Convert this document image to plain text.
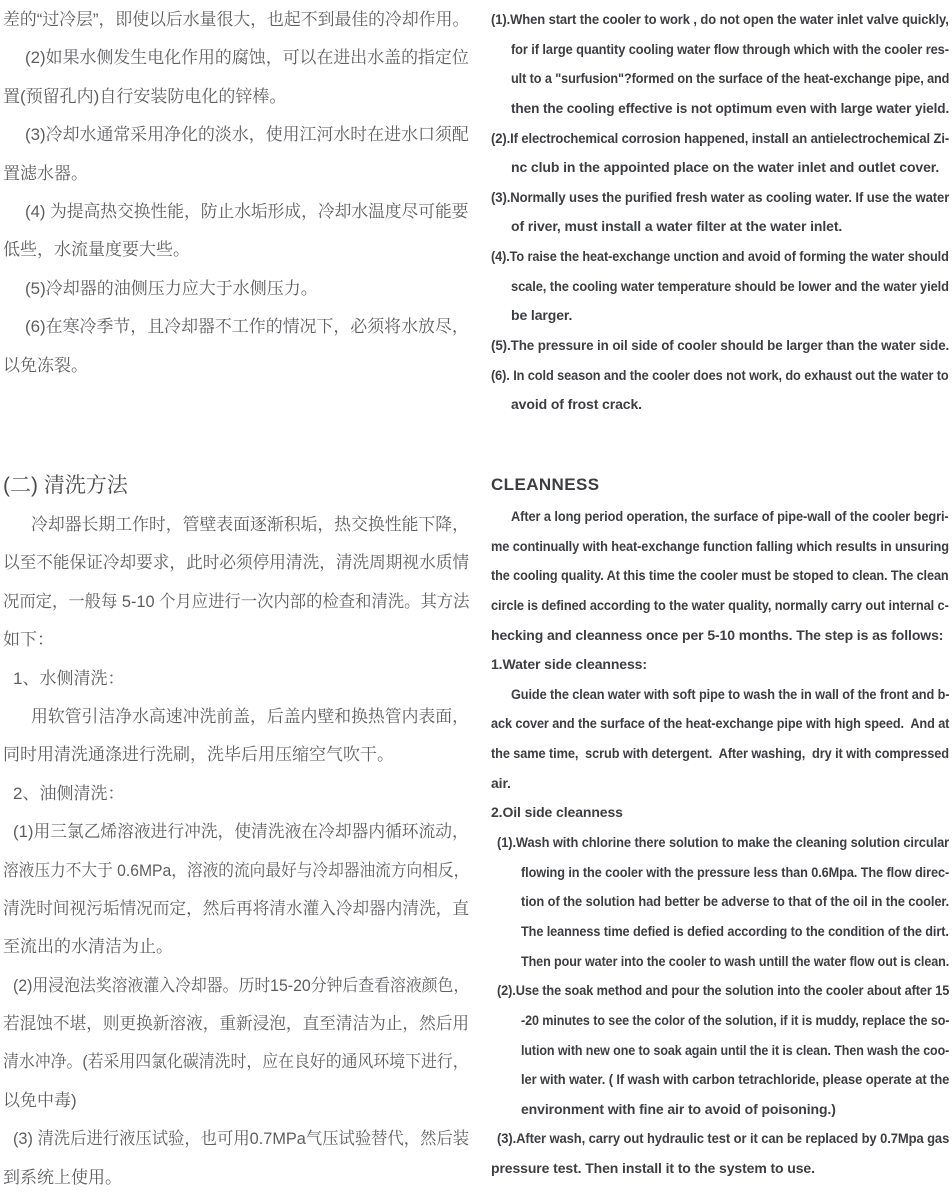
差的“过冷层”，即使以后水量很大，也起不到最佳的冷却作用。
(2)如果水侧发生电化作用的腐蚀，可以在进出水盖的指定位
置(预留孔内)自行安装防电化的锌棒。
(3)冷却水通常采用净化的淡水，使用江河水时在进水口须配
置滤水器。
(4) 为提高热交换性能，防止水垢形成，冷却水温度尽可能要
低些，水流量度要大些。
(5)冷却器的油侧压力应大于水侧压力。
(6)在寒冷季节，且冷却器不工作的情况下，必须将水放尽，
以免冻裂。
(二) 清洗方法
冷却器长期工作时，管壁表面逐渐积垢，热交换性能下降，
以至不能保证冷却要求，此时必须停用清洗，清洗周期视水质情
况而定，一般每 5-10 个月应进行一次内部的检查和清洗。其方法
如下：
1、水侧清洗：
用软管引洁净水高速冲洗前盖，后盖内壁和换热管内表面，
同时用清洗通涤进行洗刷，洗毕后用压缩空气吹干。
2、油侧清洗：
(1)用三氯乙烯溶液进行冲洗，使清洗液在冷却器内循环流动，
溶液压力不大于 0.6MPa，溶液的流向最好与冷却器油流方向相反，
清洗时间视污垢情况而定，然后再将清水灌入冷却器内清洗，直
至流出的水清洁为止。
(2)用浸泡法奖溶液灌入冷却器。历时15-20分钟后查看溶液颜色，
若混蚀不堪，则更换新溶液，重新浸泡，直至清洁为止，然后用
清水冲净。(若采用四氯化碳清洗时，应在良好的通风环境下进行，
以免中毒)
(3) 清洗后进行液压试验，也可用0.7MPa气压试验替代，然后装
到系统上使用。
(1).When start the cooler to work , do not open the water inlet valve quickly,
for if large quantity cooling water flow through which with the cooler res-
ult to a "surfusion"?formed on the surface of the heat-exchange pipe, and
then the cooling effective is not optimum even with large water yield.
(2).If electrochemical corrosion happened, install an antielectrochemical Zi-
nc club in the appointed place on the water inlet and outlet cover.
(3).Normally uses the purified fresh water as cooling water. If use the water
of river, must install a water filter at the water inlet.
(4).To raise the heat-exchange unction and avoid of forming the water should
scale, the cooling water temperature should be lower and the water yield
be larger.
(5).The pressure in oil side of cooler should be larger than the water side.
(6). In cold season and the cooler does not work, do exhaust out the water to
avoid of frost crack.
CLEANNESS
After a long period operation, the surface of pipe-wall of the cooler begri-
me continually with heat-exchange function falling which results in unsuring
the cooling quality. At this time the cooler must be stoped to clean. The clean
circle is defined according to the water quality, normally carry out internal c-
hecking and cleanness once per 5-10 months. The step is as follows:
1.Water side cleanness:
Guide the clean water with soft pipe to wash the in wall of the front and b-
ack cover and the surface of the heat-exchange pipe with high speed.  And at
the same time,  scrub with detergent.  After washing,  dry it with compressed
air.
2.Oil side cleanness
(1).Wash with chlorine there solution to make the cleaning solution circular
flowing in the cooler with the pressure less than 0.6Mpa. The flow direc-
tion of the solution had better be adverse to that of the oil in the cooler.
The leanness time defied is defied according to the condition of the dirt.
Then pour water into the cooler to wash untill the water flow out is clean.
(2).Use the soak method and pour the solution into the cooler about after 15
-20 minutes to see the color of the solution, if it is muddy, replace the so-
lution with new one to soak again until the it is clean. Then wash the coo-
ler with water. ( If wash with carbon tetrachloride, please operate at the
environment with fine air to avoid of poisoning.)
(3).After wash, carry out hydraulic test or it can be replaced by 0.7Mpa gas
pressure test. Then install it to the system to use.
